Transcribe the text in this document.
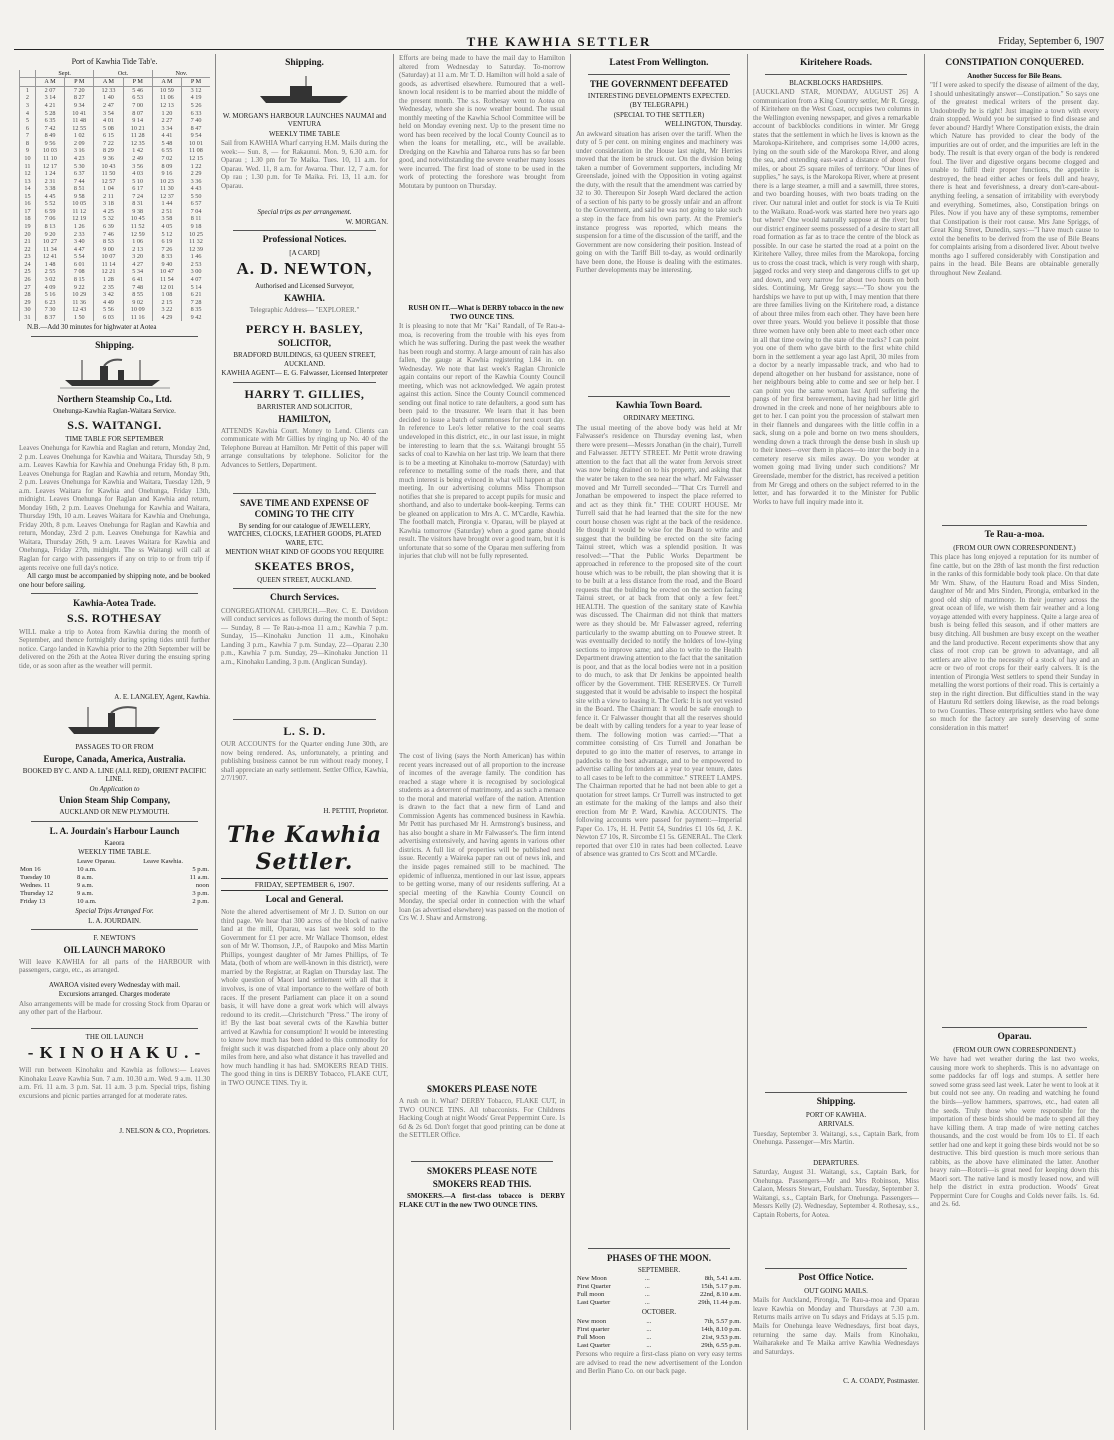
THE KAWHIA SETTLER	Friday, September 6, 1907
Port of Kawhia Tide Tab'e.
	Sept.		Oct.		Nov.	
	A M	P M	A M	P M	A M	P M
1	2 07	7 20	12 33	5 46	10 59	3 12
2	3 14	8 27	1 40	6 53	11 06	4 19
3	4 21	9 34	2 47	7 00	12 13	5 26
4	5 28	10 41	3 54	8 07	1 20	6 33
5	6 35	11 48	4 01	9 14	2 27	7 40
6	7 42	12 55	5 08	10 21	3 34	8 47
7	8 49	1 02	6 15	11 28	4 41	9 54
8	9 56	2 09	7 22	12 35	5 48	10 01
9	10 03	3 16	8 29	1 42	6 55	11 08
10	11 10	4 23	9 36	2 49	7 02	12 15
11	12 17	5 30	10 43	3 56	8 09	1 22
12	1 24	6 37	11 50	4 03	9 16	2 29
13	2 31	7 44	12 57	5 10	10 23	3 36
14	3 38	8 51	1 04	6 17	11 30	4 43
15	4 45	9 58	2 11	7 24	12 37	5 50
16	5 52	10 05	3 18	8 31	1 44	6 57
17	6 59	11 12	4 25	9 38	2 51	7 04
18	7 06	12 19	5 32	10 45	3 58	8 11
19	8 13	1 26	6 39	11 52	4 05	9 18
20	9 20	2 33	7 46	12 59	5 12	10 25
21	10 27	3 40	8 53	1 06	6 19	11 32
22	11 34	4 47	9 00	2 13	7 26	12 39
23	12 41	5 54	10 07	3 20	8 33	1 46
24	1 48	6 01	11 14	4 27	9 40	2 53
25	2 55	7 08	12 21	5 34	10 47	3 00
26	3 02	8 15	1 28	6 41	11 54	4 07
27	4 09	9 22	2 35	7 48	12 01	5 14
28	5 16	10 29	3 42	8 55	1 08	6 21
29	6 23	11 36	4 49	9 02	2 15	7 28
30	7 30	12 43	5 56	10 09	3 22	8 35
31	8 37	1 50	6 03	11 16	4 29	9 42

N.B.—Add 30 minutes for highwater at Aotea

Shipping.
Northern Steamship Co., Ltd.
Onehunga-Kawhia Raglan-Waitara Service.
S.S. WAITANGI.
TIME TABLE FOR SEPTEMBER
Leaves Onehunga for Kawhia and Raglan and return, Monday 2nd, 2 p.m. Leaves Onehunga for Kawhia and Waitara, Thursday 5th, 9 a.m. Leaves Kawhia for Kawhia and Onehunga Friday 6th, 8 p.m. Leaves Onehunga for Raglan and Kawhia and return, Monday 9th, 2 p.m. Leaves Onehunga for Kawhia and Waitara, Tuesday 12th, 9 a.m. Leaves Waitara for Kawhia and Onehunga, Friday 13th, midnight. Leaves Onehunga for Raglan and Kawhia and return, Monday 16th, 2 p.m. Leaves Onehunga for Kawhia and Waitara, Thursday 19th, 10 a.m. Leaves Waitara for Kawhia and Onehunga, Friday 20th, 8 p.m. Leaves Onehunga for Raglan and Kawhia and return, Monday, 23rd 2 p.m. Leaves Onehunga for Kawhia and Waitara, Thursday 26th, 9 a.m. Leaves Waitara for Kawhia and Onehunga, Friday 27th, midnight. The ss Waitangi will call at Raglan for cargo with passengers if any on trip to or from trip if agents receive one full day's notice.

All cargo must be accompanied by shipping note, and be booked one hour before sailing.

Kawhia-Aotea Trade.
S.S. ROTHESAY
WILL make a trip to Aotea from Kawhia during the month of September, and thence fortnightly during spring tides until further notice. Cargo landed in Kawhia prior to the 20th September will be delivered on the 26th at the Aotea River during the ensuing spring tide, or as soon after as the weather will permit.
A. E. LANGLEY, Agent, Kawhia.
PASSAGES TO OR FROM
Europe, Canada, America, Australia.
BOOKED BY C. AND A. LINE (ALL RED), ORIENT PACIFIC LINE.
On Application to
Union Steam Ship Company,
AUCKLAND OR NEW PLYMOUTH.
L. A. Jourdain's Harbour Launch
Kaeora
WEEKLY TIME TABLE.
	Leave Oparau.	Leave Kawhia.
Mon 16	10 a.m.	5 p.m.
Tuesday 10	8 a.m.	11 a.m.
Wednes. 11	9 a.m.	noon
Thursday 12	9 a.m.	3 p.m.
Friday 13	10 a.m.	2 p.m.
Special Trips Arranged For.
L. A. JOURDAIN.
F. NEWTON'S
OIL LAUNCH MAROKO
Will leave KAWHIA for all parts of the HARBOUR with passengers, cargo, etc., as arranged.
AWAROA visited every Wednesday with mail.
Excursions arranged. Charges moderate
Also arrangements will be made for crossing Stock from Oparau or any other part of the Harbour.
THE OIL LAUNCH
- K I N O H A K U . -
Will run between Kinohaku and Kawhia as follows:— Leaves Kinohaku Leave Kawhia Sun. 7 a.m. 10.30 a.m. Wed. 9 a.m. 11.30 a.m. Fri. 11 a.m. 3 p.m. Sat. 11 a.m. 3 p.m. Special trips, fishing excursions and picnic parties arranged for at moderate rates.
J. NELSON & CO., Proprietors.
Shipping.
W. MORGAN'S HARBOUR LAUNCHES NAUMAI and VENTURA
WEEKLY TIME TABLE
Sail from KAWHIA Wharf carrying H.M. Mails during the week:— Sun. 8, — for Rakaunui. Mon. 9, 6.30 a.m. for Oparau ; 1.30 pm for Te Maika. Tues. 10, 11 a.m. for Oparau. Wed. 11, 8 a.m. for Awaroa. Thur. 12, 7 a.m. for Op rau ; 1.30 p.m. for Te Maika. Fri. 13, 11 a.m. for Oparau.
Special trips as per arrangement.
W. MORGAN.
Professional Notices.
[A CARD]
A. D. NEWTON,
Authorised and Licensed Surveyor,
KAWHIA.
Telegraphic Address— "EXPLORER."
PERCY H. BASLEY,
SOLICITOR,
BRADFORD BUILDINGS, 63 QUEEN STREET, AUCKLAND.
KAWHIA AGENT— E. G. Falwasser, Licensed Interpreter
HARRY T. GILLIES,
BARRISTER AND SOLICITOR,
HAMILTON,
ATTENDS Kawhia Court. Money to Lend. Clients can communicate with Mr Gillies by ringing up No. 40 of the Telephone Bureau at Hamilton. Mr Pettit of this paper will arrange consultations by telephone. Solicitor for the Advances to Settlers, Department.
SAVE TIME AND EXPENSE OF COMING TO THE CITY
By sending for our catalogue of JEWELLERY, WATCHES, CLOCKS, LEATHER GOODS, PLATED WARE, ETC.
MENTION WHAT KIND OF GOODS YOU REQUIRE
SKEATES BROS,
QUEEN STREET, AUCKLAND.
Church Services.
CONGREGATIONAL CHURCH.—Rev. C. E. Davidson will conduct services as follows during the month of Sept.:— Sunday, 8 — Te Rau-a-moa 11 a.m.; Kawhia 7 p.m. Sunday, 15—Kinohaku Junction 11 a.m., Kinohaku Landing 3 p.m., Kawhia 7 p.m. Sunday, 22—Oparau 2.30 p.m., Kawhia 7 p.m. Sunday, 29—Kinohaku Junction 11 a.m., Kinohaku Landing, 3 p.m. (Anglican Sunday).
L. S. D.
OUR ACCOUNTS for the Quarter ending June 30th, are now being rendered. As, unfortunately, a printing and publishing business cannot be run without ready money, I shall appreciate an early settlement. Settler Office, Kawhia, 2/7/1907.
H. PETTIT, Proprietor.
The Kawhia Settler.
FRIDAY, SEPTEMBER 6, 1907.
Local and General.
Note the altered advertisement of Mr J. D. Sutton on our third page. We hear that 300 acres of the block of native land at the mill, Oparau, was last week sold to the Government for £1 per acre. Mr Wallace Thomson, eldest son of Mr W. Thomson, J.P., of Raupoko and Miss Martin Phillips, youngest daughter of Mr James Phillips, of Te Mata, (both of whom are well-known in this district), were married by the Registrar, at Raglan on Thursday last. The whole question of Maori land settlement with all that it involves, is one of vital importance to the welfare of both races. If the present Parliament can place it on a sound basis, it will have done a great work which will always redound to its credit.—Christchurch "Press." The irony of it! By the last boat several cwts of the Kawhia butter arrived at Kawhia for consumption! It would be interesting to know how much has been added to this commodity for freight such it was dispatched from a place only about 20 miles from here, and also what distance it has travelled and how much handling it has had. SMOKERS READ THIS. The good thing in tins is DERBY Tobacco, FLAKE CUT, in TWO OUNCE TINS. Try it.
Efforts are being made to have the mail day to Hamilton altered from Wednesday to Saturday. To-morrow (Saturday) at 11 a.m. Mr T. D. Hamilton will hold a sale of goods, as advertised elsewhere. Rumoured that a well-known local resident is to be married about the middle of the present month. The s.s. Rothesay went to Aotea on Wednesday, where she is now weather bound. The usual monthly meeting of the Kawhia School Committee will be held on Monday evening next. Up to the present time no word has been received by the local County Council as to when the loans for metalling, etc., will be available. Dredging on the Kawhia and Taharoa runs has so far been good, and notwithstanding the severe weather many losses were incurred. The first load of stone to be used in the work of protecting the foreshore was brought from Motutara by puntoon on Thursday.

RUSH ON IT.—What is DERBY tobacco in the new TWO OUNCE TINS.

It is pleasing to note that Mr "Kai" Randall, of Te Rau-a-moa, is recovering from the trouble with his eyes from which he was suffering. During the past week the weather has been rough and stormy. A large amount of rain has also fallen, the gauge at Kawhia registering 1.84 in. on Wednesday. We note that last week's Raglan Chronicle again contains our report of the Kawhia County Council meeting, which was not acknowledged. We again protest against this action. Since the County Council commenced sending out final notice to rate defaulters, a good sum has been paid to the treasurer. We learn that it has been decided to issue a batch of summonses for next court day. In reference to Leo's letter relative to the coal seams undeveloped in this district, etc., in our last issue, in might be interesting to learn that the s.s. Waitangi brought 55 sacks of coal to Kawhia on her last trip. We learn that there is to be a meeting at Kinohaku to-morrow (Saturday) with reference to metalling some of the roads there, and that much interest is being evinced in what will happen at that meeting. In our advertising columns Miss Thompson notifies that she is prepared to accept pupils for music and shorthand, and also to undertake book-keeping. Terms can be gleaned on application to Mrs A. C. M'Cardle, Kawhia. The football match, Pirongia v. Oparau, will be played at Kawhia tomorrow (Saturday) when a good game should result. The visitors have brought over a good team, but it is unfortunate that so some of the Oparau men suffering from injuries that club will not be fully represented.
The cost of living (says the North American) has within recent years increased out of all proportion to the increase of incomes of the average family. The condition has reached a stage where it is recognised by sociological students as a deterrent of matrimony, and as such a menace to the moral and material welfare of the nation. Attention is drawn to the fact that a new firm of Land and Commission Agents has commenced business in Kawhia. Mr Pettit has purchased Mr H. Armstrong's business, and has also bought a share in Mr Falwasser's. The firm intend advertising extensively, and having agents in various other districts. A full list of properties will be published next issue. Recently a Waireka paper ran out of news ink, and the inside pages remained still to be machined. The epidemic of influenza, mentioned in our last issue, appears to be getting worse, many of our residents suffering. At a special meeting of the Kawhia County Council on Monday, the special order in connection with the wharf loan (as advertised elsewhere) was passed on the motion of Crs W. J. Shaw and Armstrong.
SMOKERS PLEASE NOTE
A rush on it. What? DERBY Tobacco, FLAKE CUT, in TWO OUNCE TINS. All tobacconists. For Childrens Hacking Cough at night Woods' Great Peppermint Cure. 1s 6d & 2s 6d. Don't forget that good printing can be done at the SETTLER Office.
SMOKERS PLEASE NOTE
SMOKERS READ THIS.

SMOKERS.—A first-class tobacco is DERBY FLAKE CUT in the new TWO OUNCE TINS.

Latest From Wellington.
THE GOVERNMENT DEFEATED
INTERESTING DEVELOPMENTS EXPECTED.
(BY TELEGRAPH.)
(SPECIAL TO THE SETTLER)
WELLINGTON, Thursday.
An awkward situation has arisen over the tariff. When the duty of 5 per cent. on mining engines and machinery was under consideration in the House last night, Mr Herries moved that the item be struck out. On the division being taken a number of Government supporters, including Mr Greenslade, joined with the Opposition in voting against the duty, with the result that the amendment was carried by 32 to 30. Thereupon Sir Joseph Ward declared the action of a section of his party to be grossly unfair and an affront to the Government, and said he was not going to take such a step in the face from his own party. At the Premier's instance progress was reported, which means the suspension for a time of the discussion of the tariff, and the Government are now considering their position. Instead of going on with the Tariff Bill to-day, as would ordinarily have been done, the House is dealing with the estimates. Further developments may be interesting.
Kawhia Town Board.
ORDINARY MEETING.
The usual meeting of the above body was held at Mr Falwasser's residence on Thursday evening last, when there were present—Messrs Jonathan (in the chair), Turrell and Falwasser. JETTY STREET. Mr Pettit wrote drawing attention to the fact that all the water from Jervois street was now being drained on to his property, and asking that the water be taken to the sea near the wharf. Mr Falwasser moved and Mr Turrell seconded—"That Crs Turrell and Jonathan be empowered to inspect the place referred to and act as they think fit." THE COURT HOUSE. Mr Turrell said that he had learned that the site for the new court house chosen was right at the back of the residence. He thought it would be wise for the Board to write and suggest that the building be erected on the site facing Tainui street, which was a splendid position. It was resolved:—"That the Public Works Department be approached in reference to the proposed site of the court house which was to be rebuilt, the plan showing that it is to be built at a less distance from the road, and the Board requests that the building be erected on the section facing Tainui street, or at back from that only a few feet." HEALTH. The question of the sanitary state of Kawhia was discussed. The Chairman did not think that matters were as they should be. Mr Falwasser agreed, referring particularly to the swamp abutting on to Pouewe street. It was eventually decided to notify the holders of low-lying sections to improve same; and also to write to the Health Department drawing attention to the fact that the sanitation is poor, and that as the local bodies were not in a position to do much, to ask that Dr Jenkins be appointed health officer by the Government. THE RESERVES. Or Turrell suggested that it would be advisable to inspect the hospital site with a view to leasing it. The Clerk: It is not yet vested in the Board. The Chairman: It would be safe enough to fence it. Cr Falwasser thought that all the reserves should be dealt with by calling tenders for a year to year lease of them. The following motion was carried:—"That a committee consisting of Crs Turrell and Jonathan be deputed to go into the matter of reserves, to arrange in paddocks to the best advantage, and to be empowered to advertise calling for tenders at a year to year tenure, dates to all cases to be left to the committee." STREET LAMPS. The Chairman reported that he had not been able to get a quotation for street lamps. Cr Turrell was instructed to get an estimate for the making of the lamps and also their erection from Mr P. Ward, Kawhia. ACCOUNTS. The following accounts were passed for payment:—Imperial Paper Co. 17s, H. H. Pettit £4, Sundries £1 10s 6d, J. K. Newton £7 10s, R. Sircombe £1 5s. GENERAL. The Clerk reported that over £10 in rates had been collected. Leave of absence was granted to Crs Scott and M'Cardle.
PHASES OF THE MOON.
SEPTEMBER.
New Moon	...	8th, 5.41 a.m.
First Quarter	...	15th, 5.17 p.m.
Full moon	...	22nd, 8.10 a.m.
Last Quarter	...	29th, 11.44 p.m.
OCTOBER.
New moon	...	7th, 5.57 p.m.
First quarter	...	14th, 8.10 p.m.
Full Moon	...	21st, 9.53 p.m.
Last Quarter	...	29th, 6.55 p.m.
Persons who require a first-class piano on very easy terms are advised to read the new advertisement of the London and Berlin Piano Co. on our back page.
Kiritehere Roads.
BLACKBLOCKS HARDSHIPS.
[AUCKLAND STAR, MONDAY, AUGUST 26] A communication from a King Country settler, Mr R. Gregg, of Kiritehere on the West Coast, occupies two columns in the Wellington evening newspaper, and gives a remarkable account of backblocks conditions in winter. Mr Gregg states that the settlement in which he lives is known as the Marokopa-Kiritehere, and comprises some 14,000 acres, lying on the south side of the Marokopa River, and along the sea, and extending east-ward a distance of about five miles, or about 25 square miles of territory. "Our lines of supplies," he says, is the Marokopa River, where at present there is a large steamer, a mill and a sawmill, three stores, and two boarding houses, with two boats trading on the river. Our natural inlet and outlet for stock is via Te Kuiti to the Waikato. Road-work was started here two years ago but where? One would naturally suppose at the river; but our district engineer seems possessed of a desire to start all road formation as far as to trace the centre of the block as possible. In our case he started the road at a point on the Kiritehere Valley, three miles from the Marokopa, forcing us to cross the coast track, which is very rough with sharp, jagged rocks and very steep and dangerous cliffs to get up and down, and very narrow for about two hours on both sides. Continuing, Mr Gregg says:—"To show you the hardships we have to put up with, I may mention that there are three families living on the Kiritehere road, a distance of about three miles from each other. They have been here over three years. Would you believe it possible that those three women have only been able to meet each other once in all that time owing to the state of the tracks? I can point you one of them who gave birth to the first white child born in the settlement a year ago last April, 30 miles from a doctor by a nearly impassable track, and who had to depend altogether on her husband for assistance, none of her neighbours being able to come and see or help her. I can point you the same woman last April suffering the pangs of her first bereavement, having had her little girl drowned in the creek and none of her neighbours able to get to her. I can point you the procession of stalwart men in their flannels and dungarees with the little coffin in a sack, slung on a pole and borne on two mens shoulders, wending down a track through the dense bush in slush up to their knees—over them in places—to inter the body in a cemetery reserve six miles away. Do you wonder at women going mad living under such conditions? Mr Greenslade, member for the district, has received a petition from Mr Gregg and others on the subject referred to in the letter, and has forwarded it to the Minister for Public Works to have full inquiry made into it.
Shipping.
PORT OF KAWHIA.
ARRIVALS.
Tuesday, September 3. Waitangi, s.s., Captain Bark, from Onehunga. Passenger—Mrs Martin.
DEPARTURES.
Saturday, August 31. Waitangi, s.s., Captain Bark, for Onehunga. Passengers—Mr and Mrs Robinson, Miss Calaon, Messrs Stewart, Foulsham. Tuesday, September 3. Waitangi, s.s., Captain Bark, for Onehunga. Passengers—Messrs Kelly (2). Wednesday, September 4. Rothesay, s.s., Captain Roberts, for Aotea.
Post Office Notice.
OUT GOING MAILS.
Mails for Auckland, Pirongia, Te Rau-a-moa and Oparau leave Kawhia on Monday and Thursdays at 7.30 a.m. Returns mails arrive on Tu sdays and Fridays at 5.15 p.m. Mails for Onehunga leave Wednesdays, first boat days, returning the same day. Mails from Kinohaku, Waiharakeke and Te Maika arrive Kawhia Wednesdays and Saturdays.
C. A. COADY, Postmaster.
CONSTIPATION CONQUERED.
Another Success for Bile Beans.
"If I were asked to specify the disease of ailment of the day, I should unhesitatingly answer—Constipation." So says one of the greatest medical writers of the present day. Undoubtedly he is right! Just imagine a town with every drain stopped. Would you be surprised to find disease and fever abound? Hardly! Where Constipation exists, the drain which Nature has provided to clear the body of the impurities are out of order, and the impurities are left in the body. The result is that every organ of the body is rendered foul. The liver and digestive organs become clogged and unable to fulfil their proper functions, the appetite is destroyed, the head either aches or feels dull and heavy, there is heat and feverishness, a dreary don't-care-about-anything feeling, a sensation of irritability with everybody and everything. Sometimes, also, Constipation brings on Piles. Now if you have any of these symptoms, remember that Constipation is their root cause. Mrs Jane Spriggs, of Great King Street, Dunedin, says:—"I have much cause to extol the benefits to be derived from the use of Bile Beans for complaints arising from a disordered liver. About twelve months ago I suffered considerably with Constipation and pains in the head. Bile Beans are obtainable generally throughout New Zealand.
Te Rau-a-moa.
(FROM OUR OWN CORRESPONDENT.)
This place has long enjoyed a reputation for its number of fine cattle, but on the 28th of last month the first reduction in the ranks of this formidable body took place. On that date Mr Wm. Shaw, of the Hauturu Road and Miss Sinden, daughter of Mr and Mrs Sinden, Pirongia, embarked in the good old ship of matrimony. In their journey across the great ocean of life, we wish them fair weather and a long voyage attended with every happiness. Quite a large area of bush is being felled this season, and if other matters are busy ditching. All bushmen are busy except on the weather and the land productive. Recent experiments show that any class of root crop can be grown to advantage, and all settlers are alive to the necessity of a stock of hay and an acre or two of root crops for their early calvers. It is the intention of Pirongia West settlers to spend their Sunday in metalling the worst portions of their road. This is certainly a step in the right direction. But difficulties stand in the way of Hauturu Rd settlers doing likewise, as the road belongs to two Counties. These enterprising settlers who have done so much for the factory are surely deserving of some consideration in this matter!
Oparau.
(FROM OUR OWN CORRESPONDENT.)
We have had wet weather during the last two weeks, causing more work to shepherds. This is no advantage on some paddocks far off logs and stumps. A settler here sowed some grass seed last week. Later he went to look at it but could not see any. On reading and watching he found the birds—yellow hammers, sparrows, etc., had eaten all the seeds. Truly those who were responsible for the importation of these birds should be made to spend all they have killing them. A trap made of wire netting catches thousands, and the cost would be from 10s to £1. If each settler had one and kept it going these birds would not be so destructive. This bird question is much more serious than rabbits, as the above have eliminated the latter. Another heavy rain—Rotorii—is great need for keeping down this Maori sort. The native land is mostly leased now, and will help the district in extra production. Woods' Great Peppermint Cure for Coughs and Colds never fails. 1s. 6d. and 2s. 6d.
